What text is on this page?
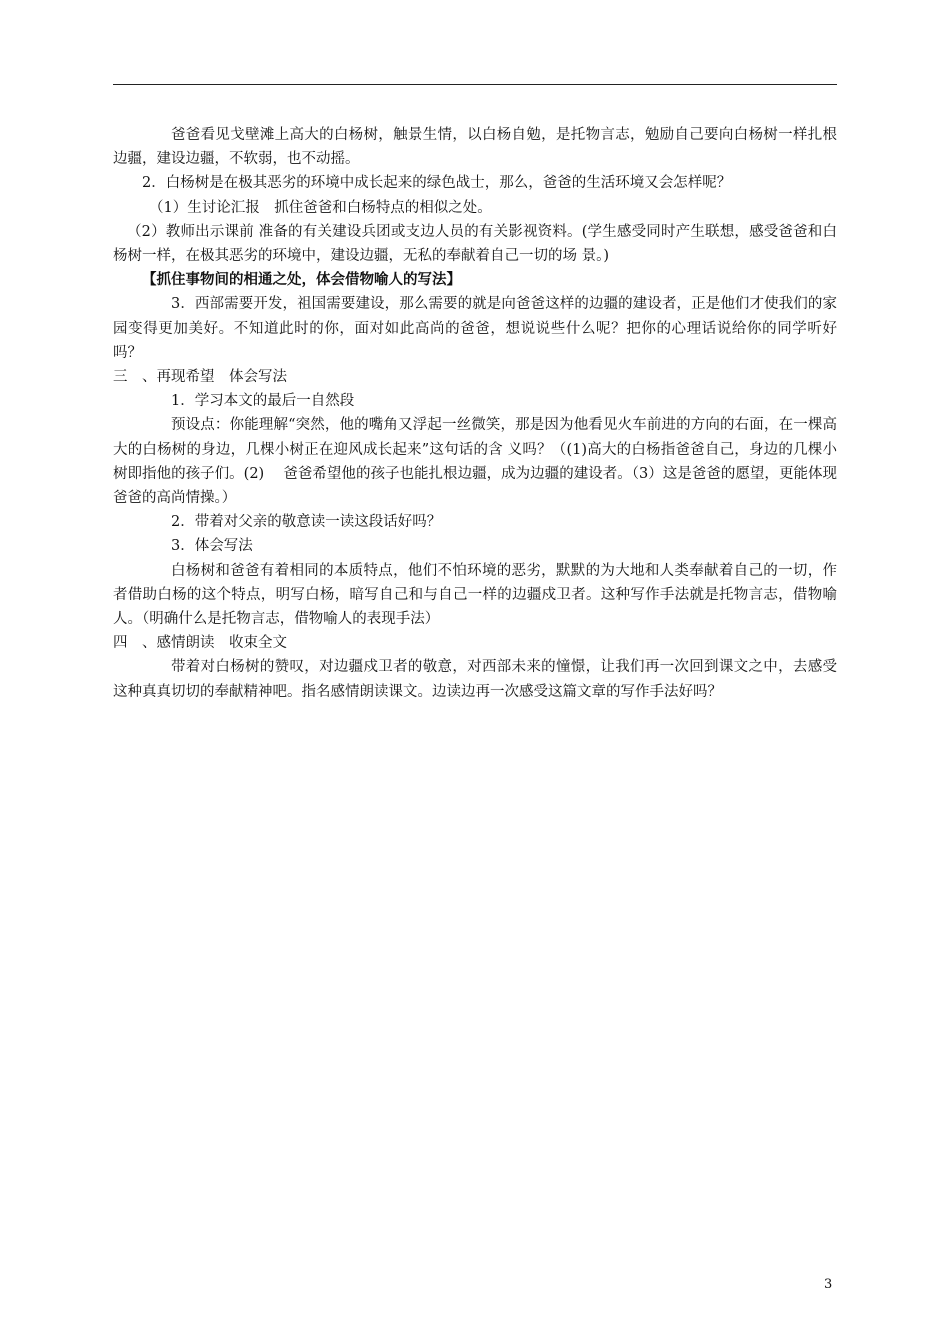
爸爸看见戈壁滩上高大的白杨树，触景生情，以白杨自勉，是托物言志，勉励自己要向白杨树一样扎根边疆，建设边疆，不软弱，也不动摇。

2．白杨树是在极其恶劣的环境中成长起来的绿色战士，那么，爸爸的生活环境又会怎样呢？

（1）生讨论汇报　抓住爸爸和白杨特点的相似之处。

（2）教师出示课前 准备的有关建设兵团或支边人员的有关影视资料。(学生感受同时产生联想，感受爸爸和白杨树一样，在极其恶劣的环境中，建设边疆，无私的奉献着自己一切的场 景。)

【抓住事物间的相通之处，体会借物喻人的写法】

3．西部需要开发，祖国需要建设，那么需要的就是向爸爸这样的边疆的建设者，正是他们才使我们的家园变得更加美好。不知道此时的你，面对如此高尚的爸爸，想说说些什么呢？把你的心理话说给你的同学听好吗？

三　、再现希望　体会写法

1．学习本文的最后一自然段

预设点：你能理解“突然，他的嘴角又浮起一丝微笑，那是因为他看见火车前进的方向的右面，在一棵高大的白杨树的身边，几棵小树正在迎风成长起来”这句话的含 义吗？（(1)高大的白杨指爸爸自己，身边的几棵小树即指他的孩子们。(2)　 爸爸希望他的孩子也能扎根边疆，成为边疆的建设者。（3）这是爸爸的愿望，更能体现爸爸的高尚情操。）

2．带着对父亲的敬意读一读这段话好吗？

3．体会写法

白杨树和爸爸有着相同的本质特点，他们不怕环境的恶劣，默默的为大地和人类奉献着自己的一切，作者借助白杨的这个特点，明写白杨，暗写自己和与自己一样的边疆戍卫者。这种写作手法就是托物言志，借物喻人。（明确什么是托物言志，借物喻人的表现手法）

四　、感情朗读　收束全文

带着对白杨树的赞叹，对边疆戍卫者的敬意，对西部未来的憧憬，让我们再一次回到课文之中，去感受这种真真切切的奉献精神吧。指名感情朗读课文。边读边再一次感受这篇文章的写作手法好吗？

3
